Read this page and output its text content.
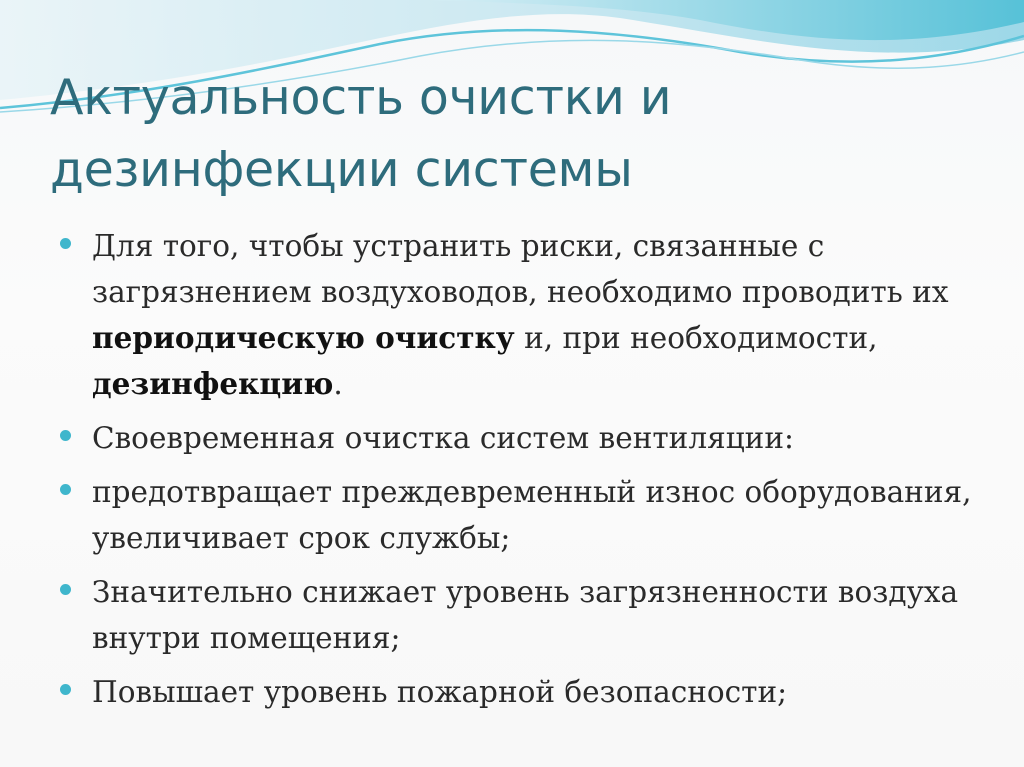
Актуальность очистки и
дезинфекции системы
Для того, чтобы устранить риски, связанные с загрязнением воздуховодов, необходимо проводить их периодическую очистку и, при необходимости, дезинфекцию.
Своевременная очистка систем вентиляции:
предотвращает преждевременный износ оборудования, увеличивает срок службы;
Значительно снижает уровень загрязненности воздуха внутри помещения;
Повышает уровень пожарной безопасности;
